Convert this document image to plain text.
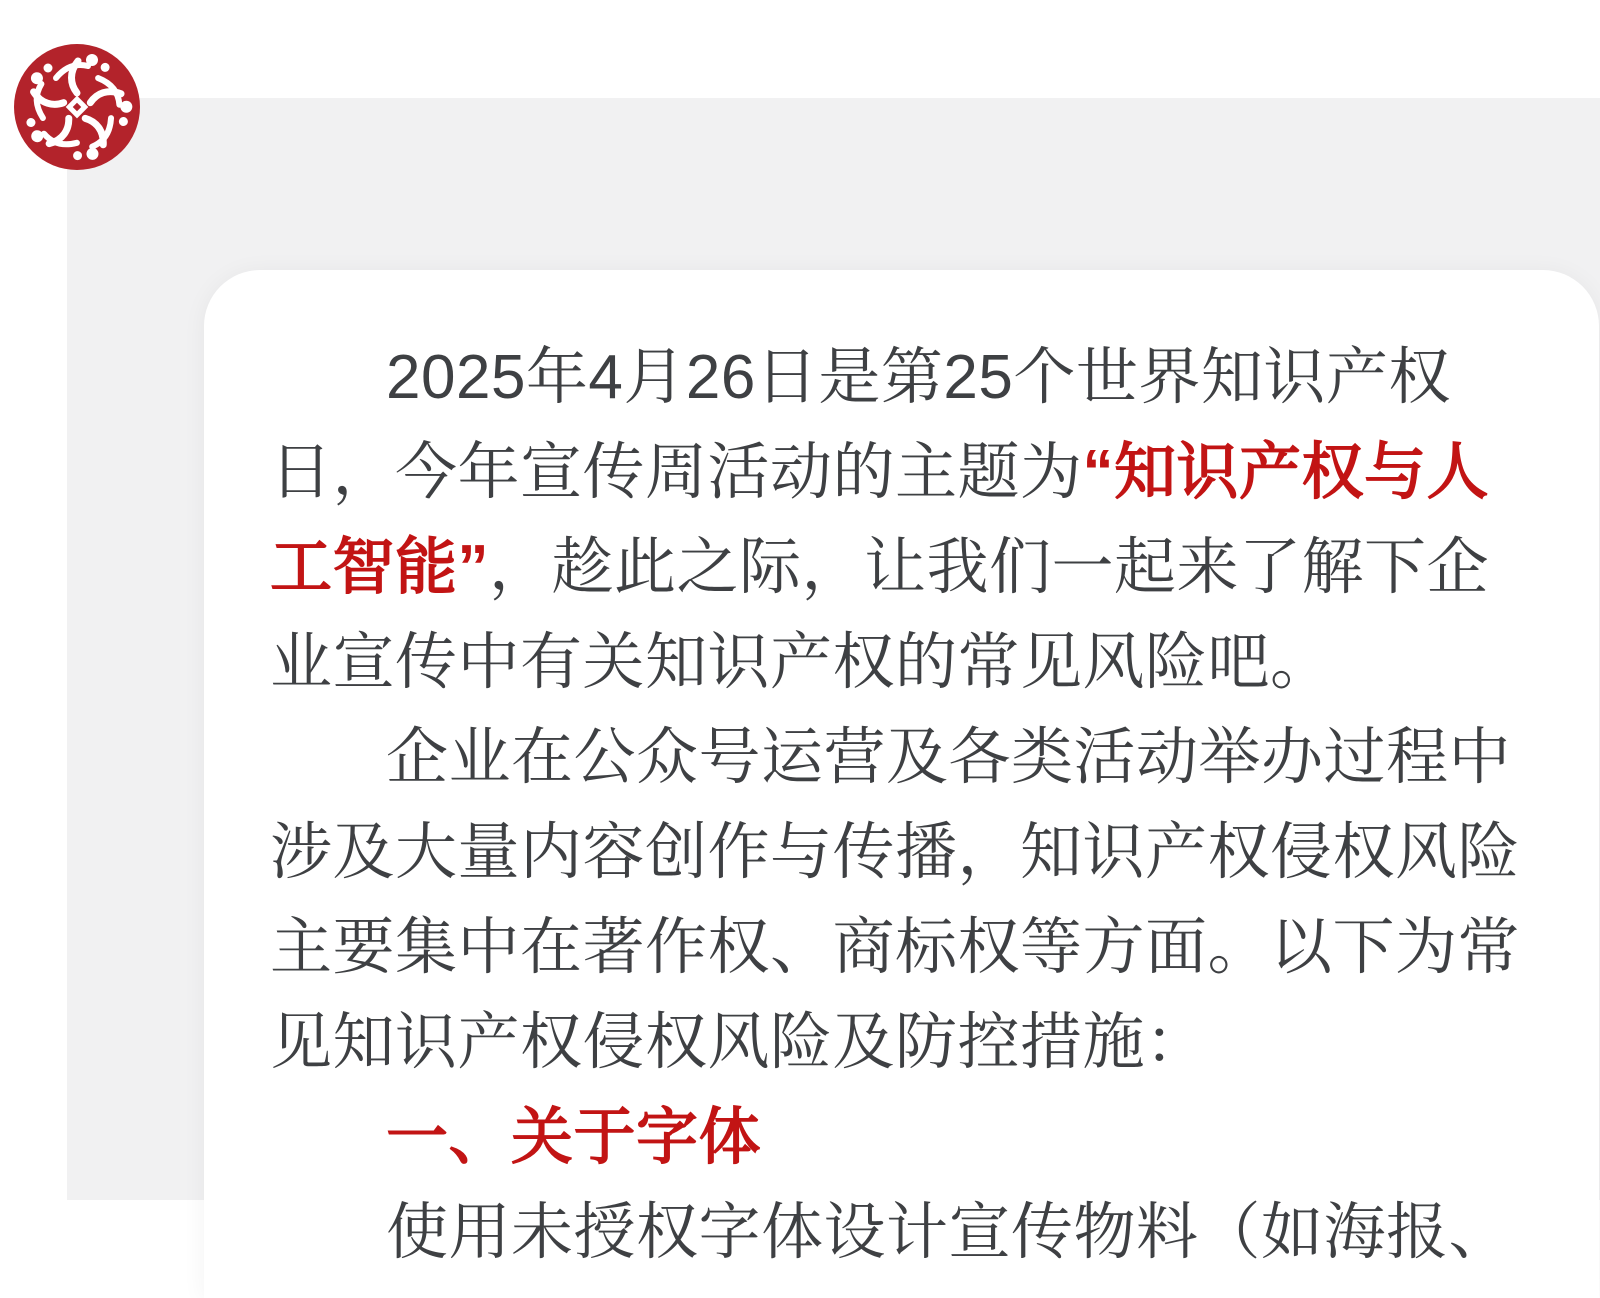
2025年4月26日是第25个世界知识产权
日，今年宣传周活动的主题为“知识产权与人
工智能”，趁此之际，让我们一起来了解下企
业宣传中有关知识产权的常见风险吧。
企业在公众号运营及各类活动举办过程中
涉及大量内容创作与传播，知识产权侵权风险
主要集中在著作权、商标权等方面。以下为常
见知识产权侵权风险及防控措施：
一、关于字体
使用未授权字体设计宣传物料（如海报、
